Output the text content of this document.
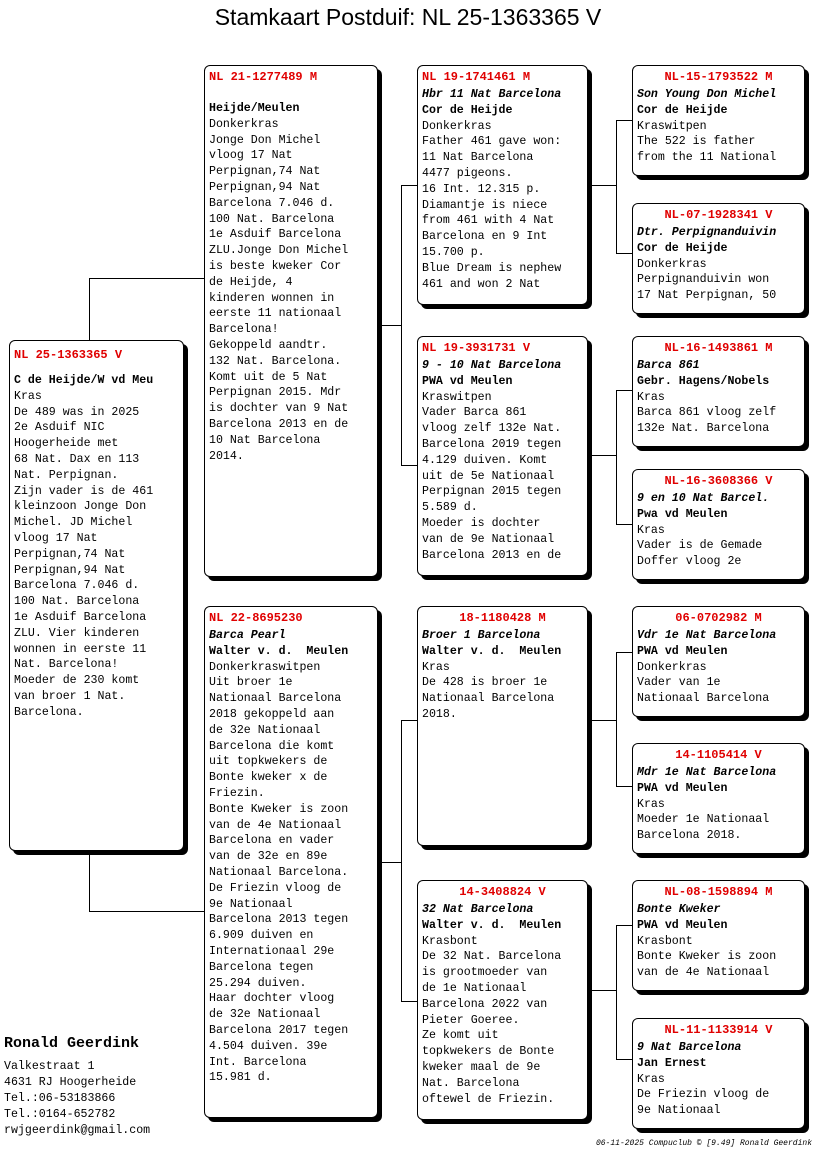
Stamkaart Postduif: NL 25-1363365 V
NL 25-1363365 V
C de Heijde/W vd Meu
Kras
De 489 was in 2025
2e Asduif NIC
Hoogerheide met
68 Nat. Dax en 113
Nat. Perpignan.
Zijn vader is de 461
kleinzoon Jonge Don
Michel. JD Michel
vloog 17 Nat
Perpignan,74 Nat
Perpignan,94 Nat
Barcelona 7.046 d.
100 Nat. Barcelona
1e Asduif Barcelona
ZLU. Vier kinderen
wonnen in eerste 11
Nat. Barcelona!
Moeder de 230 komt
van broer 1 Nat.
Barcelona.
NL 21-1277489 M
Heijde/Meulen
Donkerkras
Jonge Don Michel
vloog 17 Nat
Perpignan,74 Nat
Perpignan,94 Nat
Barcelona 7.046 d.
100 Nat. Barcelona
1e Asduif Barcelona
ZLU.Jonge Don Michel
is beste kweker Cor
de Heijde, 4
kinderen wonnen in
eerste 11 nationaal
Barcelona!
Gekoppeld aandtr.
132 Nat. Barcelona.
Komt uit de 5 Nat
Perpignan 2015. Mdr
is dochter van 9 Nat
Barcelona 2013 en de
10 Nat Barcelona
2014.
NL 22-8695230
Barca Pearl
Walter v. d.  Meulen
Donkerkraswitpen
Uit broer 1e
Nationaal Barcelona
2018 gekoppeld aan
de 32e Nationaal
Barcelona die komt
uit topkwekers de
Bonte kweker x de
Friezin.
Bonte Kweker is zoon
van de 4e Nationaal
Barcelona en vader
van de 32e en 89e
Nationaal Barcelona.
De Friezin vloog de
9e Nationaal
Barcelona 2013 tegen
6.909 duiven en
Internationaal 29e
Barcelona tegen
25.294 duiven.
Haar dochter vloog
de 32e Nationaal
Barcelona 2017 tegen
4.504 duiven. 39e
Int. Barcelona
15.981 d.
NL 19-1741461 M
Hbr 11 Nat Barcelona
Cor de Heijde
Donkerkras
Father 461 gave won:
11 Nat Barcelona
4477 pigeons.
16 Int. 12.315 p.
Diamantje is niece
from 461 with 4 Nat
Barcelona en 9 Int
15.700 p.
Blue Dream is nephew
461 and won 2 Nat
NL 19-3931731 V
9 - 10 Nat Barcelona
PWA vd Meulen
Kraswitpen
Vader Barca 861
vloog zelf 132e Nat.
Barcelona 2019 tegen
4.129 duiven. Komt
uit de 5e Nationaal
Perpignan 2015 tegen
5.589 d.
Moeder is dochter
van de 9e Nationaal
Barcelona 2013 en de
18-1180428 M
Broer 1 Barcelona
Walter v. d.  Meulen
Kras
De 428 is broer 1e
Nationaal Barcelona
2018.
14-3408824 V
32 Nat Barcelona
Walter v. d.  Meulen
Krasbont
De 32 Nat. Barcelona
is grootmoeder van
de 1e Nationaal
Barcelona 2022 van
Pieter Goeree.
Ze komt uit
topkwekers de Bonte
kweker maal de 9e
Nat. Barcelona
oftewel de Friezin.
NL-15-1793522 M
Son Young Don Michel
Cor de Heijde
Kraswitpen
The 522 is father
from the 11 National
NL-07-1928341 V
Dtr. Perpignanduivin
Cor de Heijde
Donkerkras
Perpignanduivin won
17 Nat Perpignan, 50
NL-16-1493861 M
Barca 861
Gebr. Hagens/Nobels
Kras
Barca 861 vloog zelf
132e Nat. Barcelona
NL-16-3608366 V
9 en 10 Nat Barcel.
Pwa vd Meulen
Kras
Vader is de Gemade
Doffer vloog 2e
06-0702982 M
Vdr 1e Nat Barcelona
PWA vd Meulen
Donkerkras
Vader van 1e
Nationaal Barcelona
14-1105414 V
Mdr 1e Nat Barcelona
PWA vd Meulen
Kras
Moeder 1e Nationaal
Barcelona 2018.
NL-08-1598894 M
Bonte Kweker
PWA vd Meulen
Krasbont
Bonte Kweker is zoon
van de 4e Nationaal
NL-11-1133914 V
9 Nat Barcelona
Jan Ernest
Kras
De Friezin vloog de
9e Nationaal
Ronald Geerdink
Valkestraat 1
4631 RJ Hoogerheide
Tel.:06-53183866
Tel.:0164-652782
rwjgeerdink@gmail.com
06-11-2025 Compuclub © [9.49] Ronald Geerdink
